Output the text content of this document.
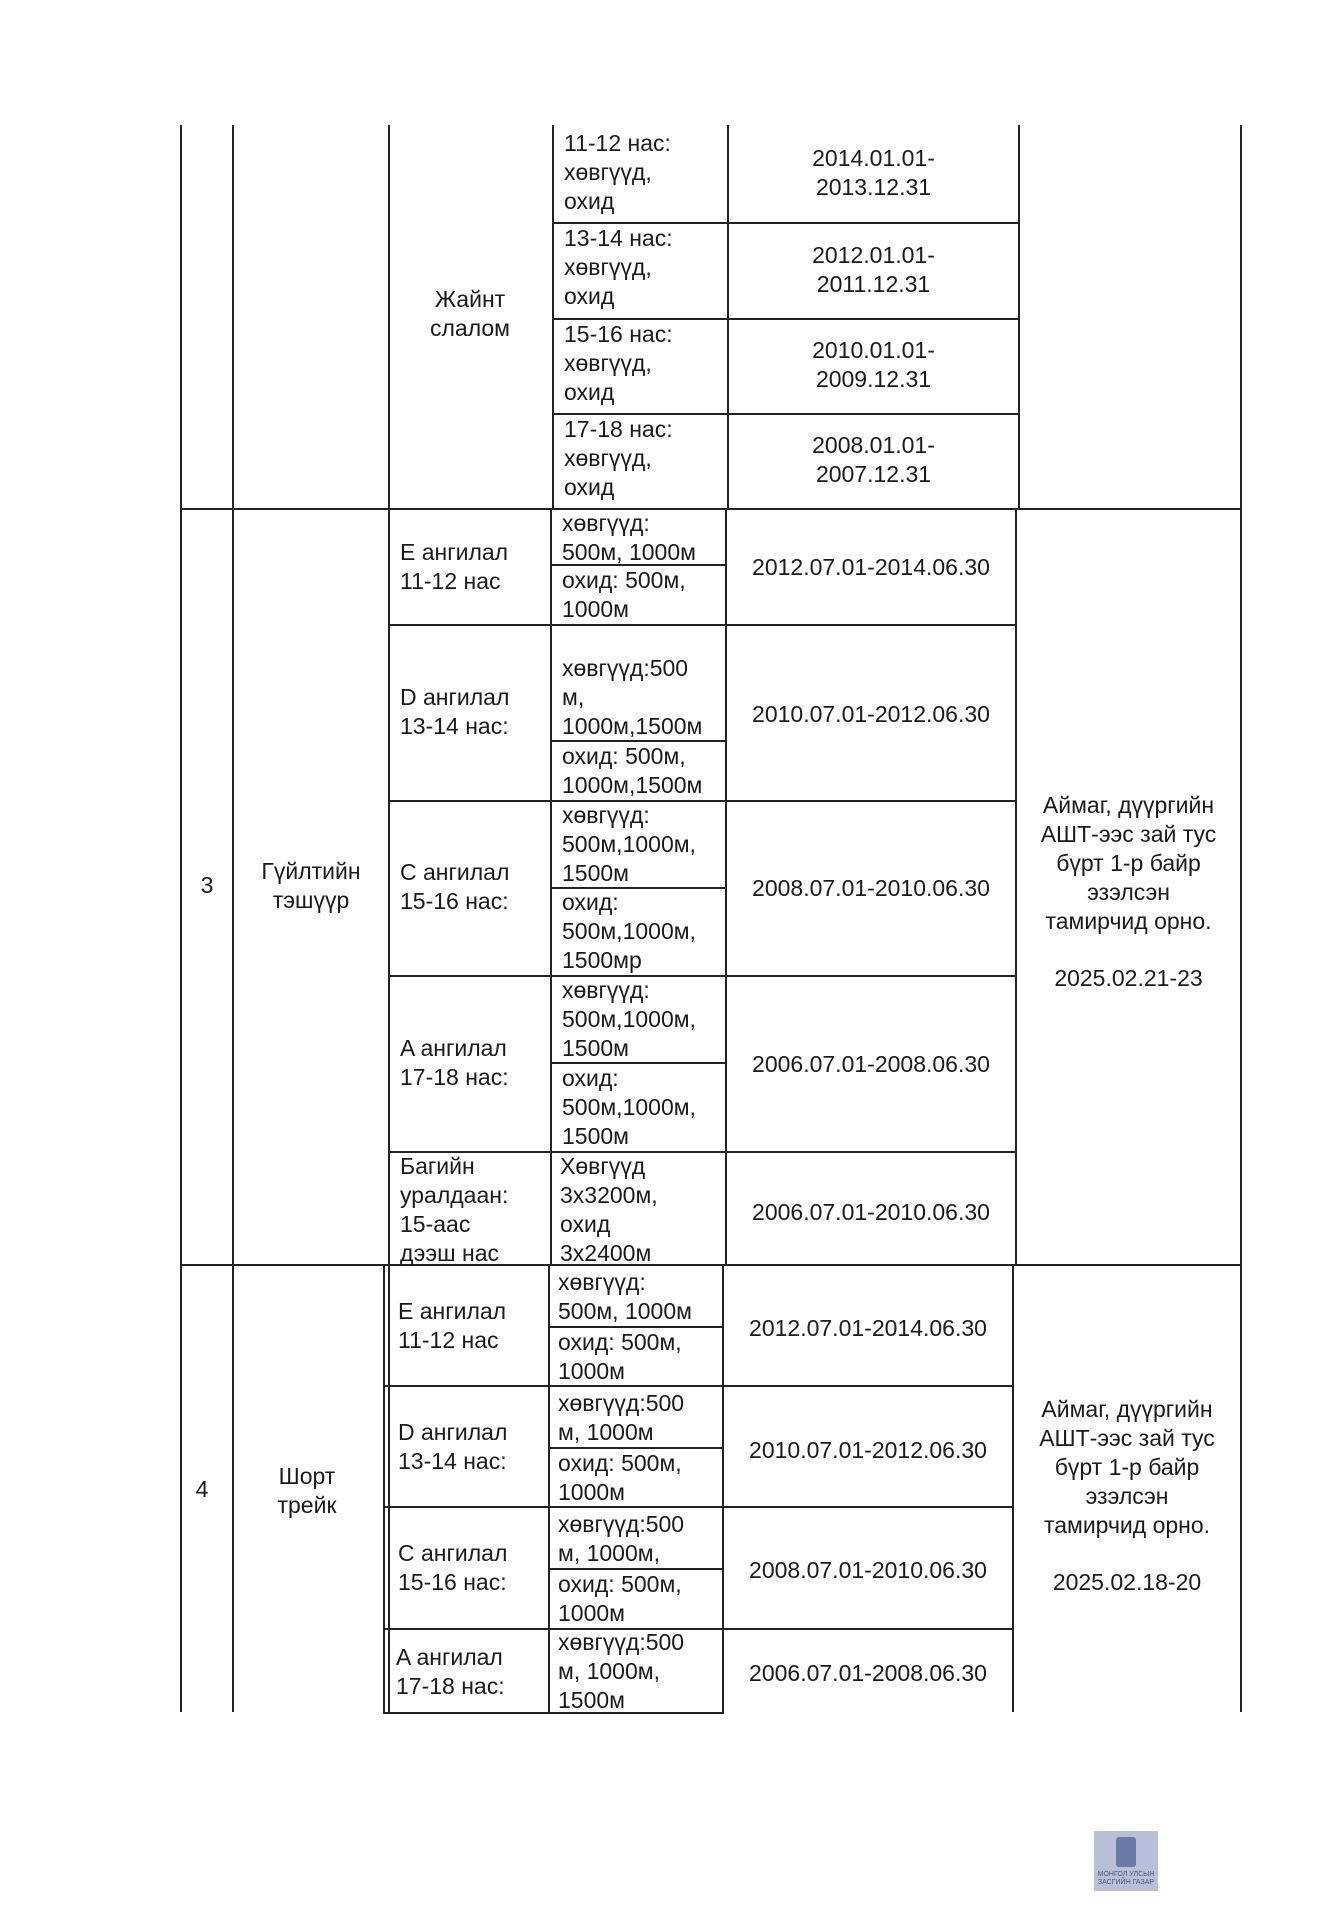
Жайнт
слалом
11-12 нас:
хөвгүүд,
охид
2014.01.01-
2013.12.31
13-14 нас:
хөвгүүд,
охид
2012.01.01-
2011.12.31
15-16 нас:
хөвгүүд,
охид
2010.01.01-
2009.12.31
17-18 нас:
хөвгүүд,
охид
2008.01.01-
2007.12.31
3
Гүйлтийн
тэшүүр
E ангилал
11-12 нас
хөвгүүд:
500м, 1000м
охид: 500м,
1000м
2012.07.01-2014.06.30
D ангилал
13-14 нас:
хөвгүүд:500
м,
1000м,1500м
охид: 500м,
1000м,1500м
2010.07.01-2012.06.30
C ангилал
15-16 нас:
хөвгүүд:
500м,1000м,
1500м
охид:
500м,1000м,
1500мр
2008.07.01-2010.06.30
A ангилал
17-18 нас:
хөвгүүд:
500м,1000м,
1500м
охид:
500м,1000м,
1500м
2006.07.01-2008.06.30
Багийн
уралдаан:
15-аас
дээш нас
Хөвгүүд
3х3200м,
охид
3х2400м
2006.07.01-2010.06.30
Аймаг, дүүргийн
АШТ-ээс зай тус
бүрт 1-р байр
эзэлсэн
тамирчид орно.
2025.02.21-23
4	Шорт
трейк
E ангилал
11-12 нас
хөвгүүд:
500м, 1000м
охид: 500м,
1000м
2012.07.01-2014.06.30
D ангилал
13-14 нас:
хөвгүүд:500
м, 1000м
охид: 500м,
1000м
2010.07.01-2012.06.30
C ангилал
15-16 нас:
хөвгүүд:500
м, 1000м,
охид: 500м,
1000м
2008.07.01-2010.06.30
A ангилал
17-18 нас:
хөвгүүд:500
м, 1000м,
1500м
2006.07.01-2008.06.30
Аймаг, дүүргийн
АШТ-ээс зай тус
бүрт 1-р байр
эзэлсэн
тамирчид орно.
2025.02.18-20
МОНГОЛ УЛСЫН ЗАСГИЙН ГАЗАР
